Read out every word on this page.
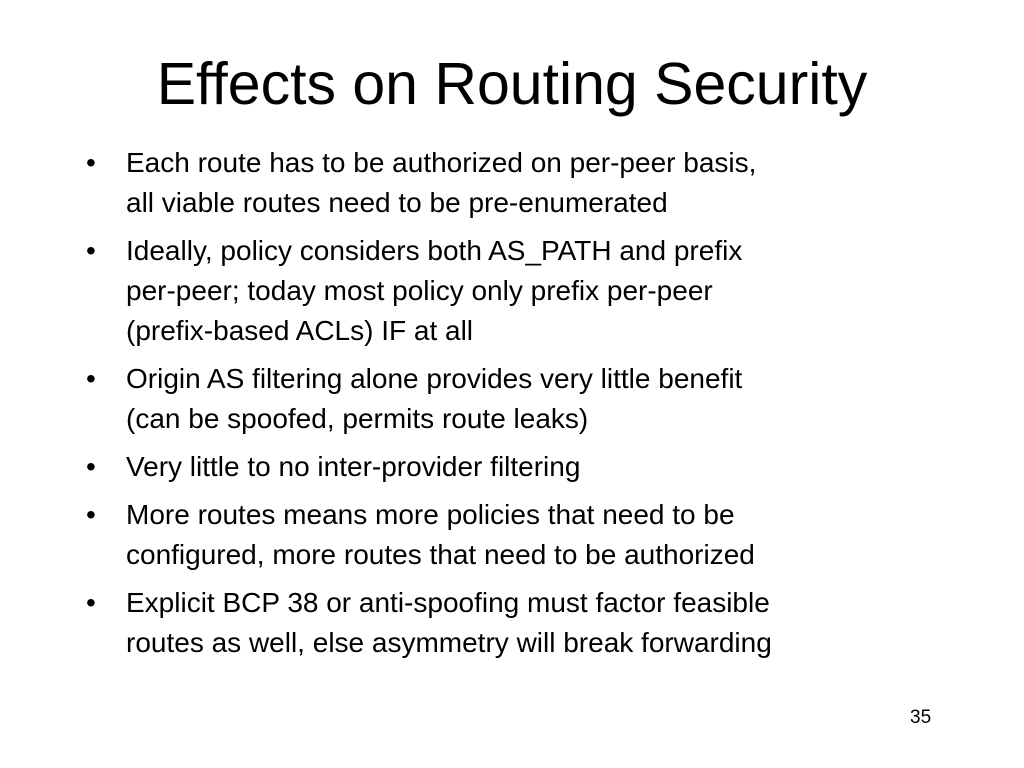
Effects on Routing Security
•	Each route has to be authorized on per-peer basis,
all viable routes need to be pre-enumerated
•	Ideally, policy considers both AS_PATH and prefix
per-peer; today most policy only prefix per-peer
(prefix-based ACLs) IF at all
•	Origin AS filtering alone provides very little benefit
(can be spoofed, permits route leaks)
•	Very little to no inter-provider filtering
•	More routes means more policies that need to be
configured, more routes that need to be authorized
•	Explicit BCP 38 or anti-spoofing must factor feasible
routes as well, else asymmetry will break forwarding
35
